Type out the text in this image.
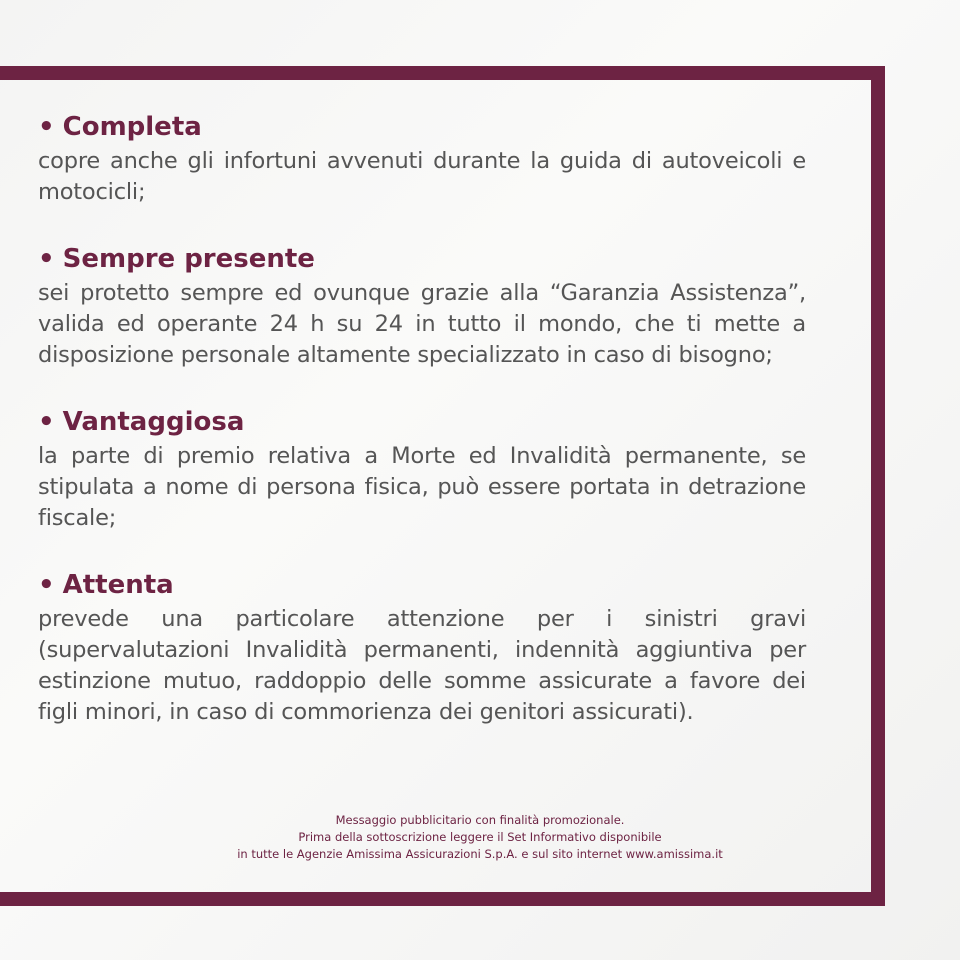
• Completa

copre anche gli infortuni avvenuti durante la guida di autoveicoli e motocicli;

• Sempre presente

sei protetto sempre ed ovunque grazie alla “Garanzia Assistenza”, valida ed operante 24 h su 24 in tutto il mondo, che ti mette a disposizione personale altamente specializzato in caso di bisogno;

• Vantaggiosa

la parte di premio relativa a Morte ed Invalidità permanente, se stipulata a nome di persona fisica, può essere portata in detrazione fiscale;

• Attenta

prevede una particolare attenzione per i sinistri gravi (supervalutazioni Invalidità permanenti, indennità aggiuntiva per estinzione mutuo, raddoppio delle somme assicurate a favore dei figli minori, in caso di commorienza dei genitori assicurati).

Messaggio pubblicitario con finalità promozionale.
Prima della sottoscrizione leggere il Set Informativo disponibile
in tutte le Agenzie Amissima Assicurazioni S.p.A. e sul sito internet www.amissima.it
